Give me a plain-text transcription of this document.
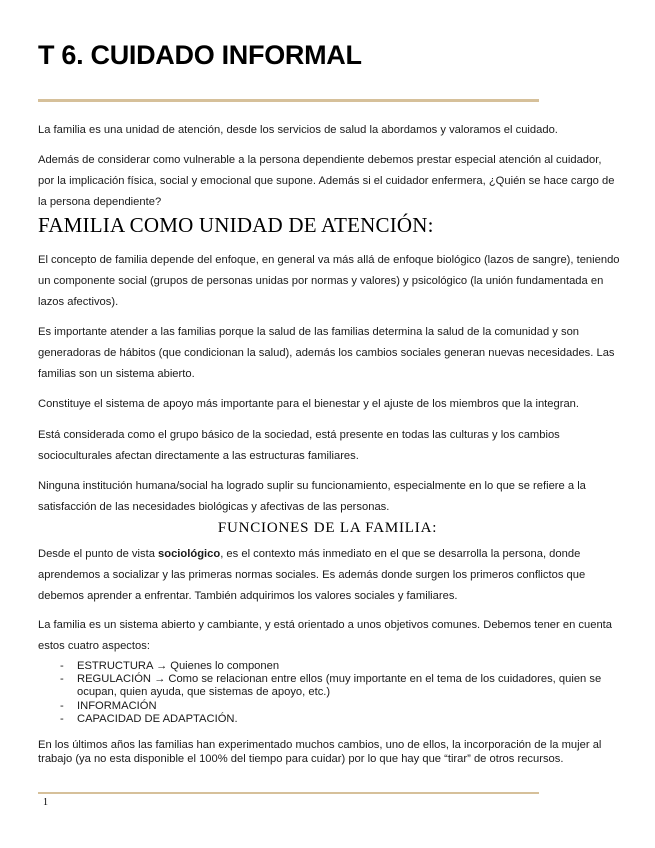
T 6. CUIDADO INFORMAL

La familia es una unidad de atención, desde los servicios de salud la abordamos y valoramos el cuidado.

Además de considerar como vulnerable a la persona dependiente debemos prestar especial atención al cuidador, por la implicación física, social y emocional que supone. Además si el cuidador enfermera, ¿Quién se hace cargo de la persona dependiente?

FAMILIA COMO UNIDAD DE ATENCIÓN:

El concepto de familia depende del enfoque, en general va más allá de enfoque biológico (lazos de sangre), teniendo un componente social (grupos de personas unidas por normas y valores) y psicológico (la unión fundamentada en lazos afectivos).

Es importante atender a las familias porque la salud de las familias determina la salud de la comunidad y son generadoras de hábitos (que condicionan la salud), además los cambios sociales generan nuevas necesidades. Las familias son un sistema abierto.

Constituye el sistema de apoyo más importante para el bienestar y el ajuste de los miembros que la integran.

Está considerada como el grupo básico de la sociedad, está presente en todas las culturas y los cambios socioculturales afectan directamente a las estructuras familiares.

Ninguna institución humana/social ha logrado suplir su funcionamiento, especialmente en lo que se refiere a la satisfacción de las necesidades biológicas y afectivas de las personas.

FUNCIONES DE LA FAMILIA:

Desde el punto de vista sociológico, es el contexto más inmediato en el que se desarrolla la persona, donde aprendemos a socializar y las primeras normas sociales. Es además donde surgen los primeros conflictos que debemos aprender a enfrentar. También adquirimos los valores sociales y familiares.

La familia es un sistema abierto y cambiante, y está orientado a unos objetivos comunes. Debemos tener en cuenta estos cuatro aspectos:

- ESTRUCTURA → Quienes lo componen
- REGULACIÓN → Como se relacionan entre ellos (muy importante en el tema de los cuidadores, quien se ocupan, quien ayuda, que sistemas de apoyo, etc.)
- INFORMACIÓN
- CAPACIDAD DE ADAPTACIÓN.

En los últimos años las familias han experimentado muchos cambios, uno de ellos, la incorporación de la mujer al trabajo (ya no esta disponible el 100% del tiempo para cuidar) por lo que hay que “tirar” de otros recursos.

1
